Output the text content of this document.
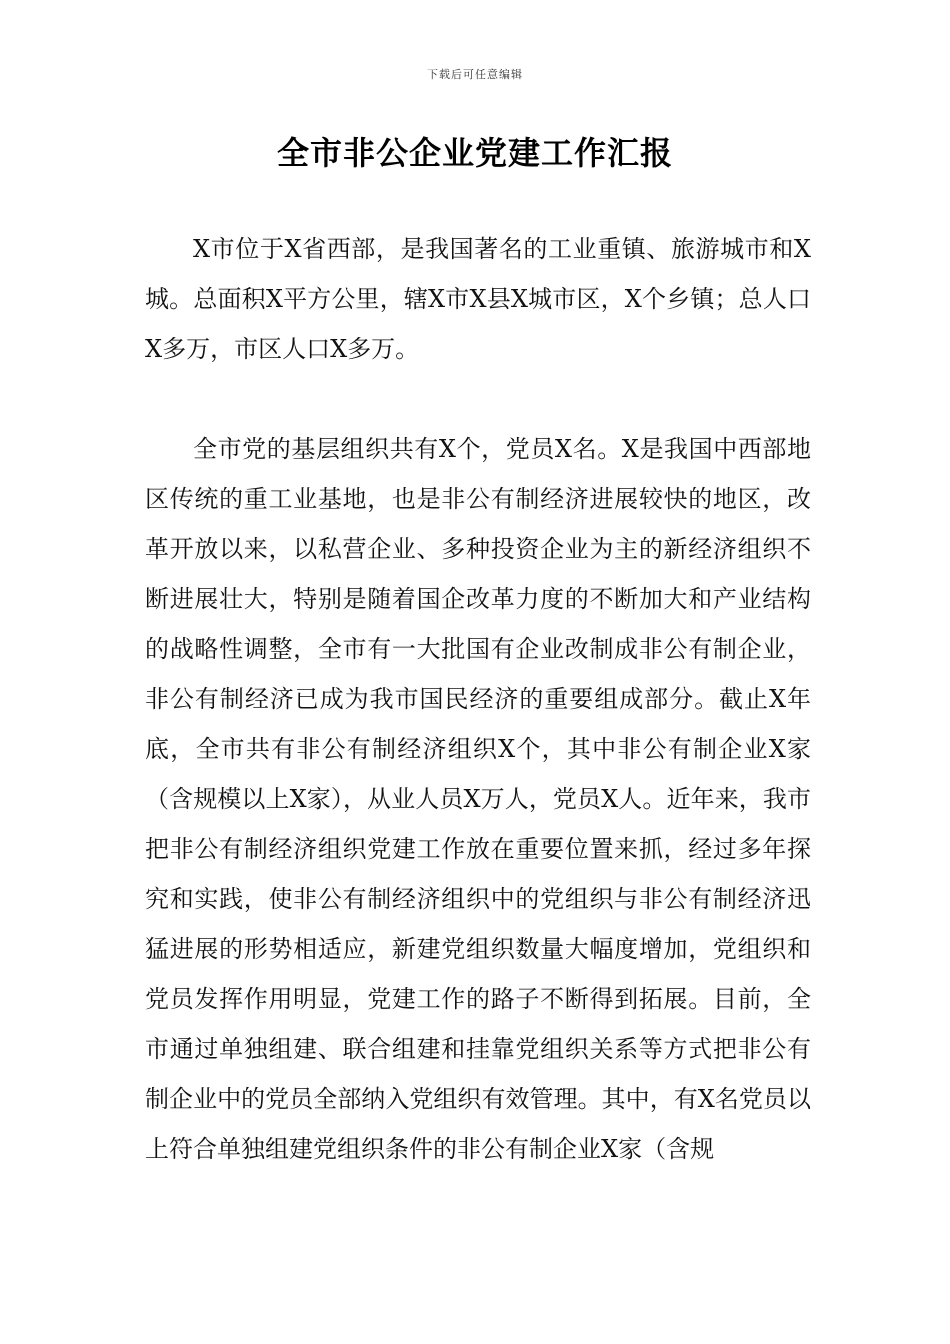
下载后可任意编辑
全市非公企业党建工作汇报

X市位于X省西部，是我国著名的工业重镇、旅游城市和X城。总面积X平方公里，辖X市X县X城市区，X个乡镇；总人口X多万，市区人口X多万。

全市党的基层组织共有X个，党员X名。X是我国中西部地区传统的重工业基地，也是非公有制经济进展较快的地区，改革开放以来，以私营企业、多种投资企业为主的新经济组织不断进展壮大，特别是随着国企改革力度的不断加大和产业结构的战略性调整，全市有一大批国有企业改制成非公有制企业，非公有制经济已成为我市国民经济的重要组成部分。截止X年底，全市共有非公有制经济组织X个，其中非公有制企业X家（含规模以上X家），从业人员X万人，党员X人。近年来，我市把非公有制经济组织党建工作放在重要位置来抓，经过多年探究和实践，使非公有制经济组织中的党组织与非公有制经济迅猛进展的形势相适应，新建党组织数量大幅度增加，党组织和党员发挥作用明显，党建工作的路子不断得到拓展。目前，全市通过单独组建、联合组建和挂靠党组织关系等方式把非公有制企业中的党员全部纳入党组织有效管理。其中，有X名党员以上符合单独组建党组织条件的非公有制企业X家（含规
